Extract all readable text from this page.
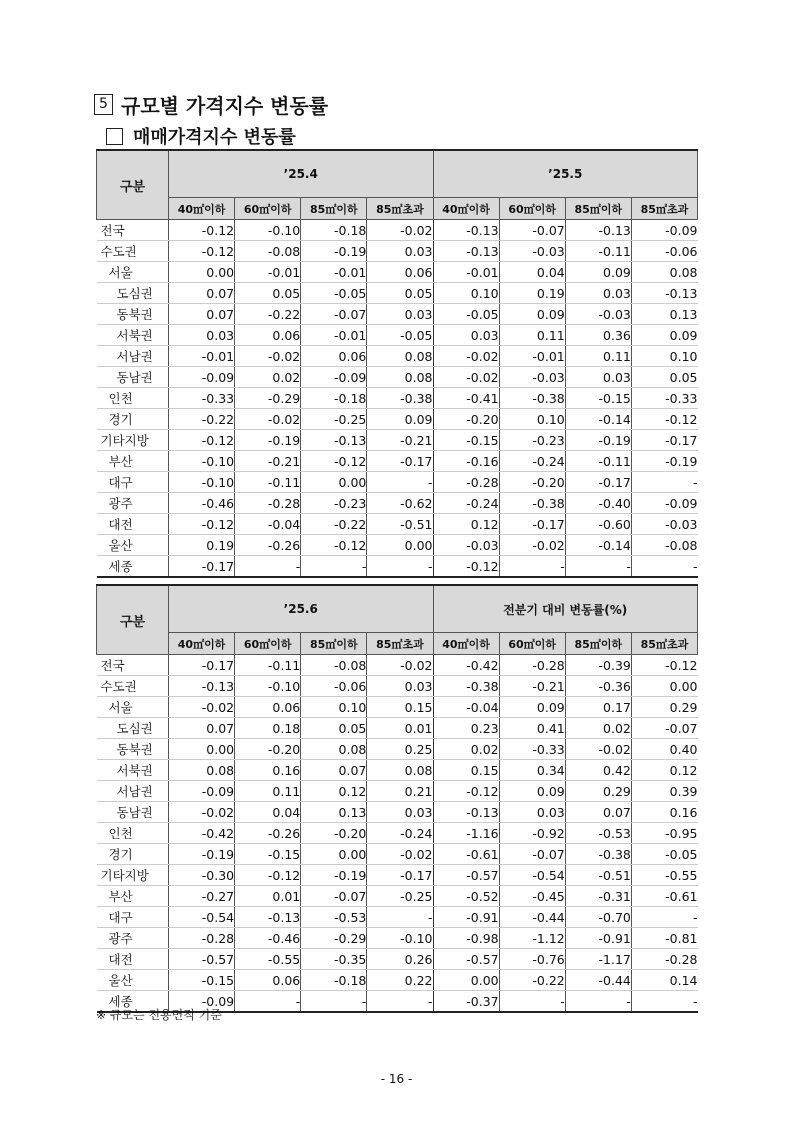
5 규모별 가격지수 변동률
매매가격지수 변동률
구분	’25.4				’25.5			
	40㎡이하	60㎡이하	85㎡이하	85㎡초과	40㎡이하	60㎡이하	85㎡이하	85㎡초과
전국	-0.12	-0.10	-0.18	-0.02	-0.13	-0.07	-0.13	-0.09
수도권	-0.12	-0.08	-0.19	0.03	-0.13	-0.03	-0.11	-0.06
서울	0.00	-0.01	-0.01	0.06	-0.01	0.04	0.09	0.08
도심권	0.07	0.05	-0.05	0.05	0.10	0.19	0.03	-0.13
동북권	0.07	-0.22	-0.07	0.03	-0.05	0.09	-0.03	0.13
서북권	0.03	0.06	-0.01	-0.05	0.03	0.11	0.36	0.09
서남권	-0.01	-0.02	0.06	0.08	-0.02	-0.01	0.11	0.10
동남권	-0.09	0.02	-0.09	0.08	-0.02	-0.03	0.03	0.05
인천	-0.33	-0.29	-0.18	-0.38	-0.41	-0.38	-0.15	-0.33
경기	-0.22	-0.02	-0.25	0.09	-0.20	0.10	-0.14	-0.12
기타지방	-0.12	-0.19	-0.13	-0.21	-0.15	-0.23	-0.19	-0.17
부산	-0.10	-0.21	-0.12	-0.17	-0.16	-0.24	-0.11	-0.19
대구	-0.10	-0.11	0.00	-	-0.28	-0.20	-0.17	-
광주	-0.46	-0.28	-0.23	-0.62	-0.24	-0.38	-0.40	-0.09
대전	-0.12	-0.04	-0.22	-0.51	0.12	-0.17	-0.60	-0.03
울산	0.19	-0.26	-0.12	0.00	-0.03	-0.02	-0.14	-0.08
세종	-0.17	-	-	-	-0.12	-	-	-
구분	’25.6				전분기 대비 변동률(%)			
	40㎡이하	60㎡이하	85㎡이하	85㎡초과	40㎡이하	60㎡이하	85㎡이하	85㎡초과
전국	-0.17	-0.11	-0.08	-0.02	-0.42	-0.28	-0.39	-0.12
수도권	-0.13	-0.10	-0.06	0.03	-0.38	-0.21	-0.36	0.00
서울	-0.02	0.06	0.10	0.15	-0.04	0.09	0.17	0.29
도심권	0.07	0.18	0.05	0.01	0.23	0.41	0.02	-0.07
동북권	0.00	-0.20	0.08	0.25	0.02	-0.33	-0.02	0.40
서북권	0.08	0.16	0.07	0.08	0.15	0.34	0.42	0.12
서남권	-0.09	0.11	0.12	0.21	-0.12	0.09	0.29	0.39
동남권	-0.02	0.04	0.13	0.03	-0.13	0.03	0.07	0.16
인천	-0.42	-0.26	-0.20	-0.24	-1.16	-0.92	-0.53	-0.95
경기	-0.19	-0.15	0.00	-0.02	-0.61	-0.07	-0.38	-0.05
기타지방	-0.30	-0.12	-0.19	-0.17	-0.57	-0.54	-0.51	-0.55
부산	-0.27	0.01	-0.07	-0.25	-0.52	-0.45	-0.31	-0.61
대구	-0.54	-0.13	-0.53	-	-0.91	-0.44	-0.70	-
광주	-0.28	-0.46	-0.29	-0.10	-0.98	-1.12	-0.91	-0.81
대전	-0.57	-0.55	-0.35	0.26	-0.57	-0.76	-1.17	-0.28
울산	-0.15	0.06	-0.18	0.22	0.00	-0.22	-0.44	0.14
세종	-0.09	-	-	-	-0.37	-	-	-
※ 규모는 전용면적 기준
- 16 -
